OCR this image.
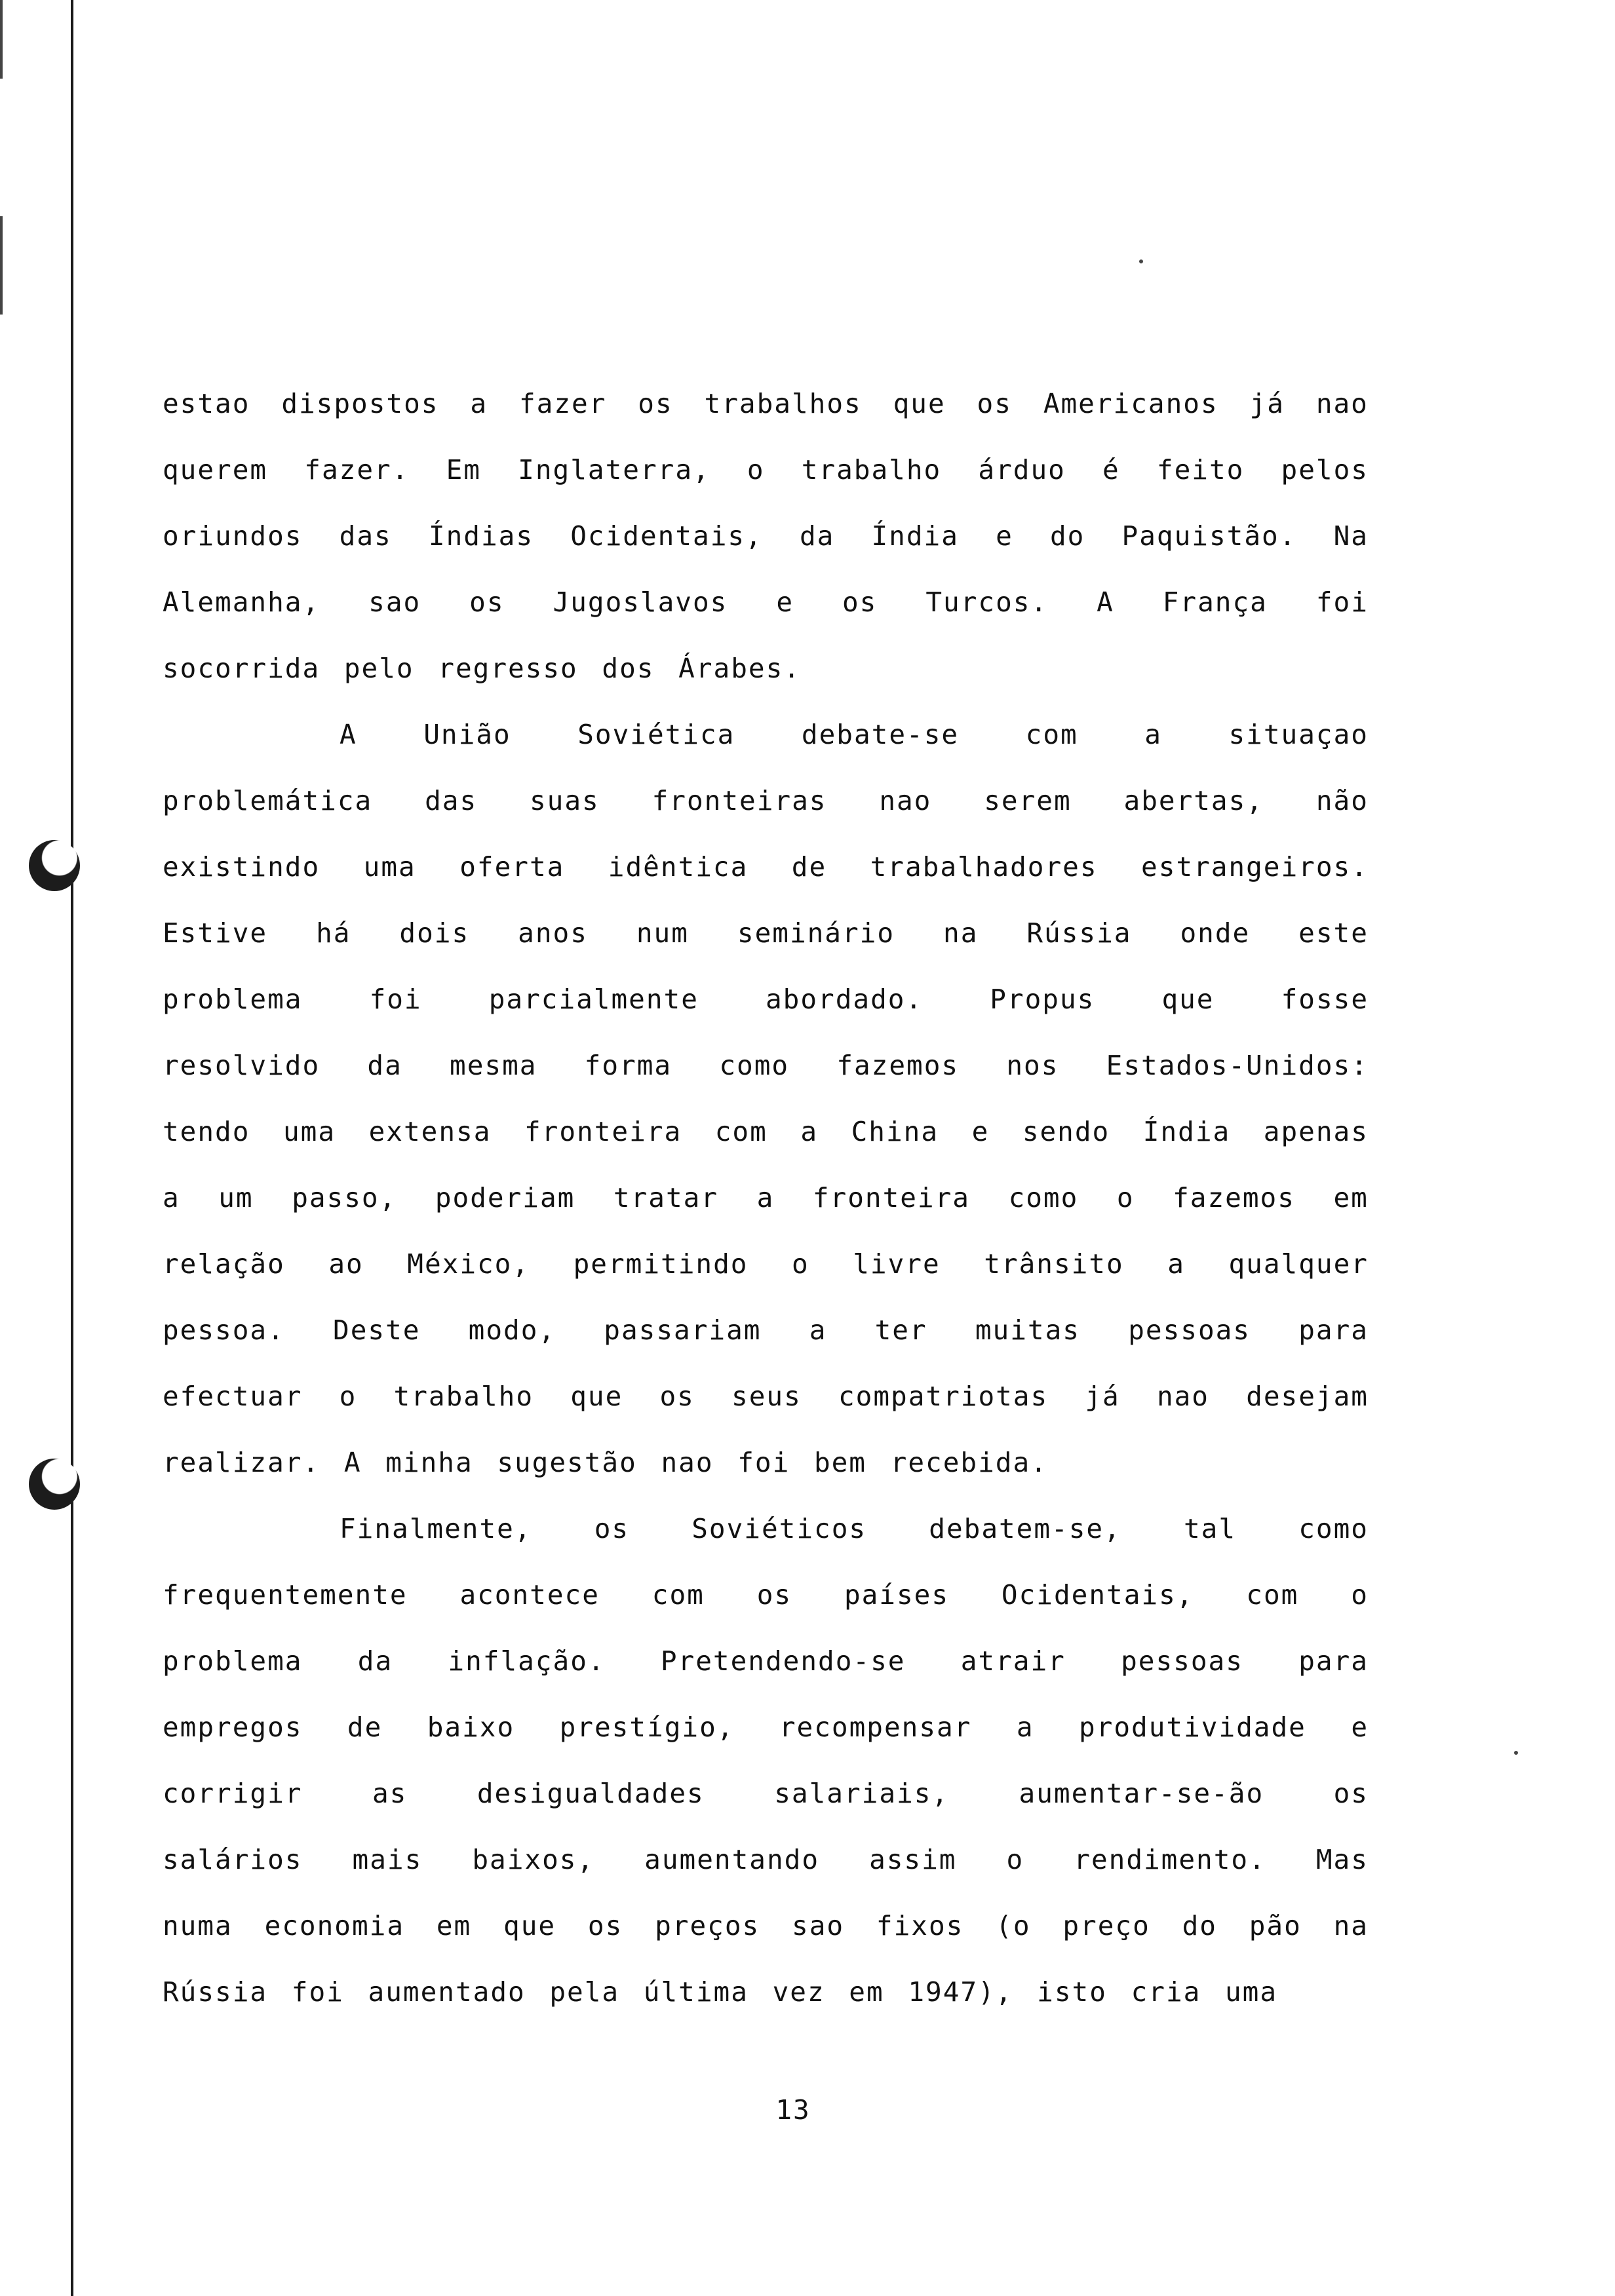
estao dispostos a fazer os trabalhos que os Americanos já nao
querem fazer. Em Inglaterra, o trabalho árduo é feito pelos
oriundos das Índias Ocidentais, da Índia e do Paquistão. Na
Alemanha, sao os Jugoslavos e os Turcos. A França foi
socorrida pelo regresso dos Árabes.
A União Soviética debate-se com a situaçao
problemática das suas fronteiras nao serem abertas, não
existindo uma oferta idêntica de trabalhadores estrangeiros.
Estive há dois anos num seminário na Rússia onde este
problema foi parcialmente abordado. Propus que fosse
resolvido da mesma forma como fazemos nos Estados-Unidos:
tendo uma extensa fronteira com a China e sendo Índia apenas
a um passo, poderiam tratar a fronteira como o fazemos em
relação ao México, permitindo o livre trânsito a qualquer
pessoa. Deste modo, passariam a ter muitas pessoas para
efectuar o trabalho que os seus compatriotas já nao desejam
realizar. A minha sugestão nao foi bem recebida.
Finalmente, os Soviéticos debatem-se, tal como
frequentemente acontece com os países Ocidentais, com o
problema da inflação. Pretendendo-se atrair pessoas para
empregos de baixo prestígio, recompensar a produtividade e
corrigir	as	desigualdades	salariais,	aumentar-se-ão	os
salários mais baixos, aumentando assim o rendimento. Mas
numa economia em que os preços sao fixos (o preço do pão na
Rússia foi aumentado pela última vez em 1947), isto cria uma
13
